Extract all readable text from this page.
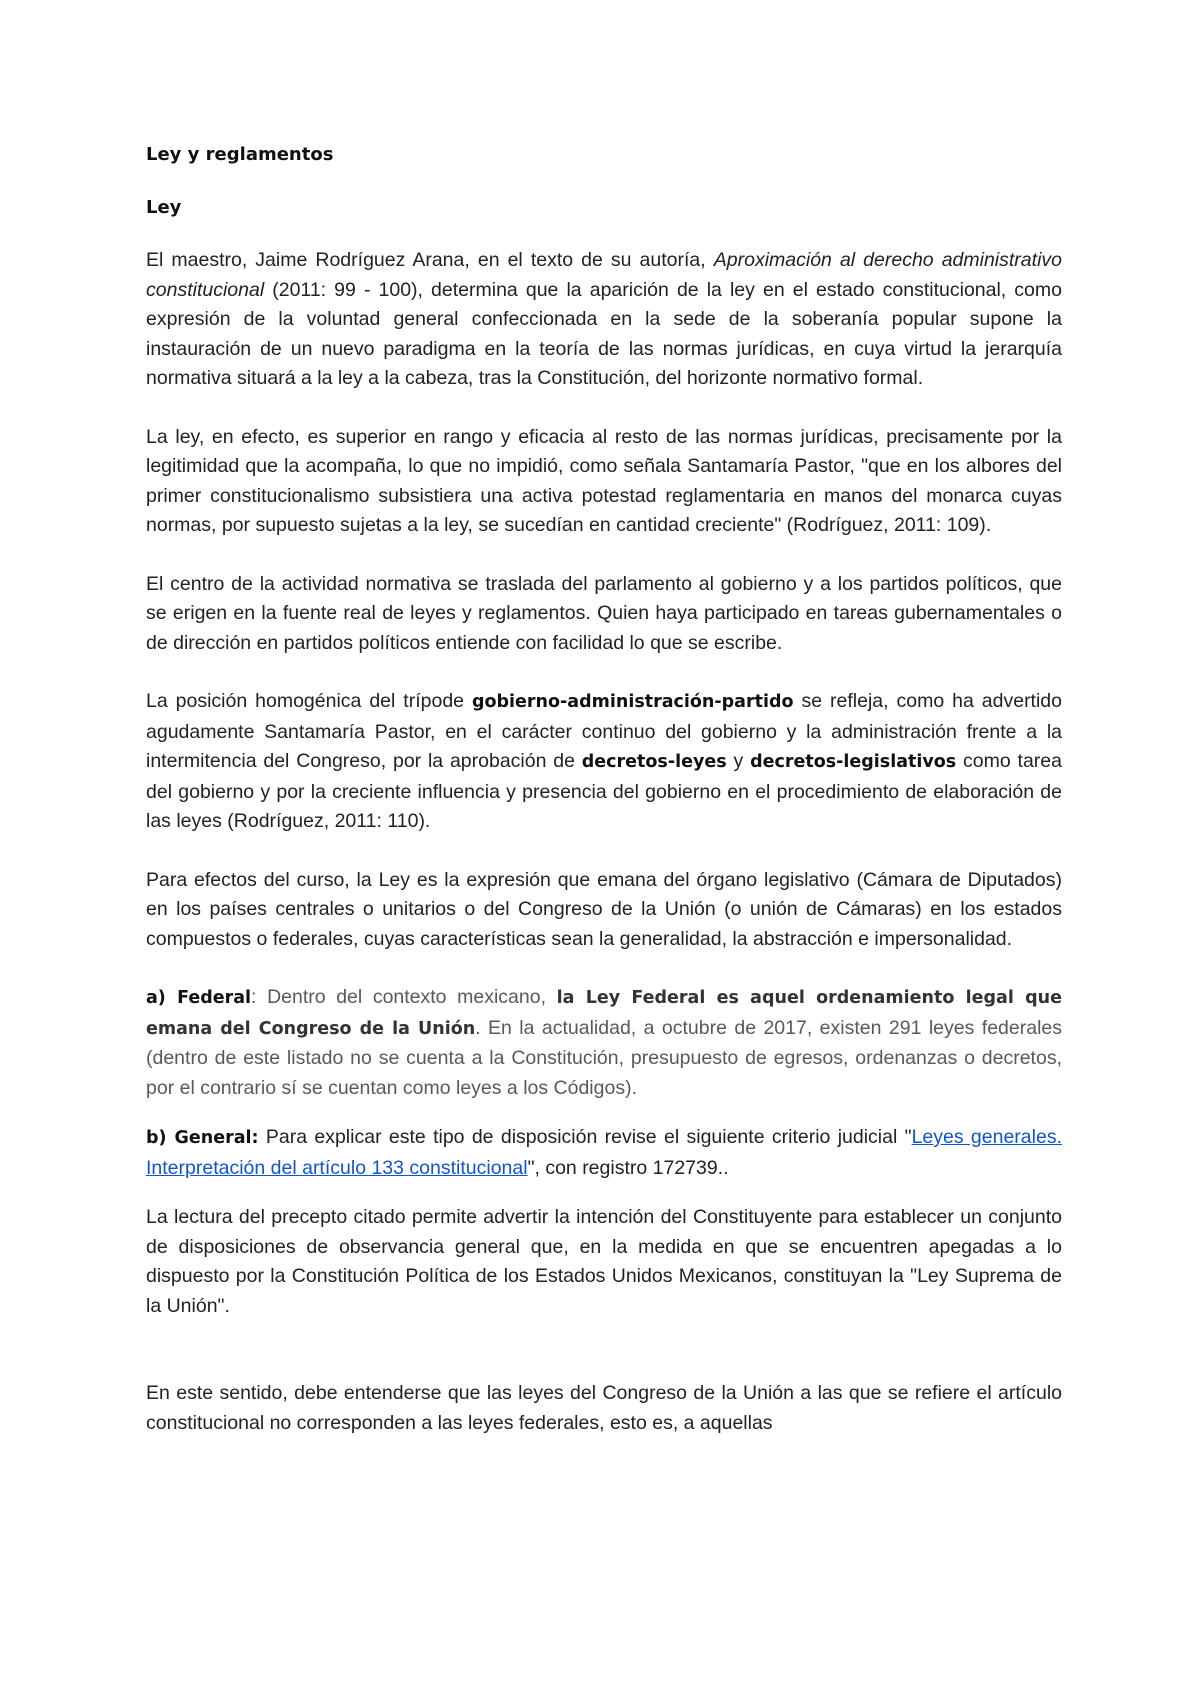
Ley y reglamentos
Ley

El maestro, Jaime Rodríguez Arana, en el texto de su autoría, Aproximación al derecho administrativo constitucional (2011: 99 - 100), determina que la aparición de la ley en el estado constitucional, como expresión de la voluntad general confeccionada en la sede de la soberanía popular supone la instauración de un nuevo paradigma en la teoría de las normas jurídicas, en cuya virtud la jerarquía normativa situará a la ley a la cabeza, tras la Constitución, del horizonte normativo formal.

La ley, en efecto, es superior en rango y eficacia al resto de las normas jurídicas, precisamente por la legitimidad que la acompaña, lo que no impidió, como señala Santamaría Pastor, "que en los albores del primer constitucionalismo subsistiera una activa potestad reglamentaria en manos del monarca cuyas normas, por supuesto sujetas a la ley, se sucedían en cantidad creciente" (Rodríguez, 2011: 109).

El centro de la actividad normativa se traslada del parlamento al gobierno y a los partidos políticos, que se erigen en la fuente real de leyes y reglamentos. Quien haya participado en tareas gubernamentales o de dirección en partidos políticos entiende con facilidad lo que se escribe.

La posición homogénica del trípode gobierno-administración-partido se refleja, como ha advertido agudamente Santamaría Pastor, en el carácter continuo del gobierno y la administración frente a la intermitencia del Congreso, por la aprobación de decretos-leyes y decretos-legislativos como tarea del gobierno y por la creciente influencia y presencia del gobierno en el procedimiento de elaboración de las leyes (Rodríguez, 2011: 110).

Para efectos del curso, la Ley es la expresión que emana del órgano legislativo (Cámara de Diputados) en los países centrales o unitarios o del Congreso de la Unión (o unión de Cámaras) en los estados compuestos o federales, cuyas características sean la generalidad, la abstracción e impersonalidad.

a) Federal: Dentro del contexto mexicano, la Ley Federal es aquel ordenamiento legal que emana del Congreso de la Unión. En la actualidad, a octubre de 2017, existen 291 leyes federales (dentro de este listado no se cuenta a la Constitución, presupuesto de egresos, ordenanzas o decretos, por el contrario sí se cuentan como leyes a los Códigos).

b) General: Para explicar este tipo de disposición revise el siguiente criterio judicial "Leyes generales. Interpretación del artículo 133 constitucional", con registro 172739..

La lectura del precepto citado permite advertir la intención del Constituyente para establecer un conjunto de disposiciones de observancia general que, en la medida en que se encuentren apegadas a lo dispuesto por la Constitución Política de los Estados Unidos Mexicanos, constituyan la "Ley Suprema de la Unión".

En este sentido, debe entenderse que las leyes del Congreso de la Unión a las que se refiere el artículo constitucional no corresponden a las leyes federales, esto es, a aquellas
